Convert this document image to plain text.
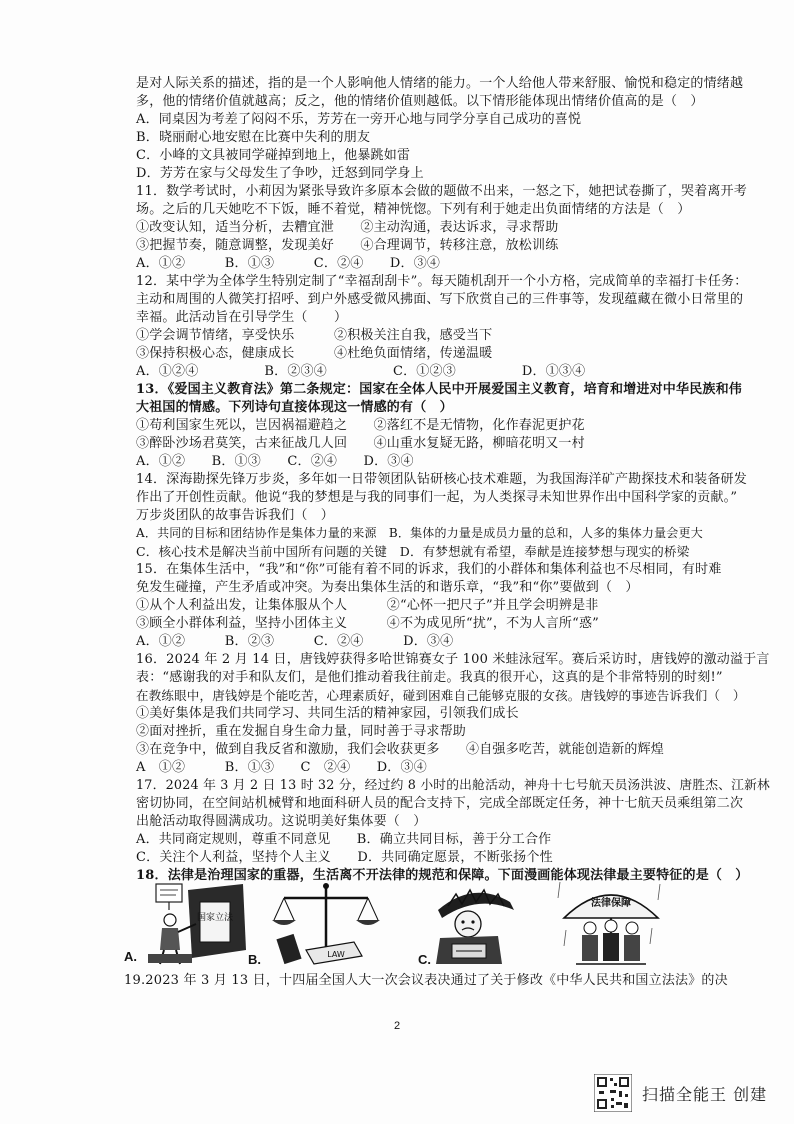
是对人际关系的描述，指的是一个人影响他人情绪的能力。一个人给他人带来舒服、愉悦和稳定的情绪越
多，他的情绪价值就越高；反之，他的情绪价值则越低。以下情形能体现出情绪价值高的是（　）
A．同桌因为考差了闷闷不乐，芳芳在一旁开心地与同学分享自己成功的喜悦
B．晓丽耐心地安慰在比赛中失利的朋友
C．小峰的文具被同学碰掉到地上，他暴跳如雷
D．芳芳在家与父母发生了争吵，迁怒到同学身上
11．数学考试时，小莉因为紧张导致许多原本会做的题做不出来，一怒之下，她把试卷撕了，哭着离开考
场。之后的几天她吃不下饭，睡不着觉，精神恍惚。下列有利于她走出负面情绪的方法是（　）
①改变认知，适当分析，去糟宜泄　　②主动沟通，表达诉求，寻求帮助
③把握节奏，随意调整，发现美好　　④合理调节，转移注意，放松训练
A．①②　　　B．①③　　　C．②④　　D．③④
12．某中学为全体学生特别定制了“幸福刮刮卡”。每天随机刮开一个小方格，完成简单的幸福打卡任务：
主动和周围的人微笑打招呼、到户外感受微风拂面、写下欣赏自己的三件事等，发现蕴藏在微小日常里的
幸福。此活动旨在引导学生（　　）
①学会调节情绪，享受快乐　　　②积极关注自我，感受当下
③保持积极心态，健康成长　　　④杜绝负面情绪，传递温暖
A．①②④　　　　　B．②③④　　　　　C．①②③　　　　　D．①③④
13．《爱国主义教育法》第二条规定：国家在全体人民中开展爱国主义教育，培育和增进对中华民族和伟
大祖国的情感。下列诗句直接体现这一情感的有（　）
①苟利国家生死以，岂因祸福避趋之　　②落红不是无情物，化作春泥更护花
③醉卧沙场君莫笑，古来征战几人回　　④山重水复疑无路，柳暗花明又一村
A．①②　　B．①③　　C．②④　　D．③④
14．深海勘探先锋万步炎，多年如一日带领团队钻研核心技术难题，为我国海洋矿产勘探技术和装备研发
作出了开创性贡献。他说“我的梦想是与我的同事们一起，为人类探寻未知世界作出中国科学家的贡献。”
万步炎团队的故事告诉我们（　）
A．共同的目标和团结协作是集体力量的来源　B．集体的力量是成员力量的总和，人多的集体力量会更大
C．核心技术是解决当前中国所有问题的关键　D．有梦想就有希望，奉献是连接梦想与现实的桥梁
15．在集体生活中，“我”和“你”可能有着不同的诉求，我们的小群体和集体利益也不尽相同，有时难
免发生碰撞，产生矛盾或冲突。为奏出集体生活的和谐乐章，“我”和“你”要做到（　）
①从个人利益出发，让集体服从个人　　　②“心怀一把尺子”并且学会明辨是非
③顾全小群体利益，坚持小团体主义　　　④不为成见所“扰”，不为人言所“惑”
A．①②　　　B．②③　　　C．②④　　　D．③④
16．2024 年 2 月 14 日，唐钱婷获得多哈世锦赛女子 100 米蛙泳冠军。赛后采访时，唐钱婷的激动溢于言
表：“感谢我的对手和队友们，是他们推动着我往前走。我真的很开心，这真的是个非常特别的时刻!”
在教练眼中，唐钱婷是个能吃苦，心理素质好，碰到困难自己能够克服的女孩。唐钱婷的事迹告诉我们（　）
①美好集体是我们共同学习、共同生活的精神家园，引领我们成长
②面对挫折，重在发掘自身生命力量，同时善于寻求帮助
③在竞争中，做到自我反省和激励，我们会收获更多　　④自强多吃苦，就能创造新的辉煌
A　①②　　　B．①③　　C　②④　　D．③④
17．2024 年 3 月 2 日 13 时 32 分，经过约 8 小时的出舱活动，神舟十七号航天员汤洪波、唐胜杰、江新林
密切协同，在空间站机械臂和地面科研人员的配合支持下，完成全部既定任务，神十七航天员乘组第二次
出舱活动取得圆满成功。这说明美好集体要（　）
A．共同商定规则，尊重不同意见　　B．确立共同目标，善于分工合作
C．关注个人利益，坚持个人主义　　D．共同确定愿景，不断张扬个性
18．法律是治理国家的重器，生活离不开法律的规范和保障。下面漫画能体现法律最主要特征的是（　）
国家立法
A.	LAW
B.	C.
法律保障
19.2023 年 3 月 13 日，十四届全国人大一次会议表决通过了关于修改《中华人民共和国立法法》的决
2
扫描全能王 创建
